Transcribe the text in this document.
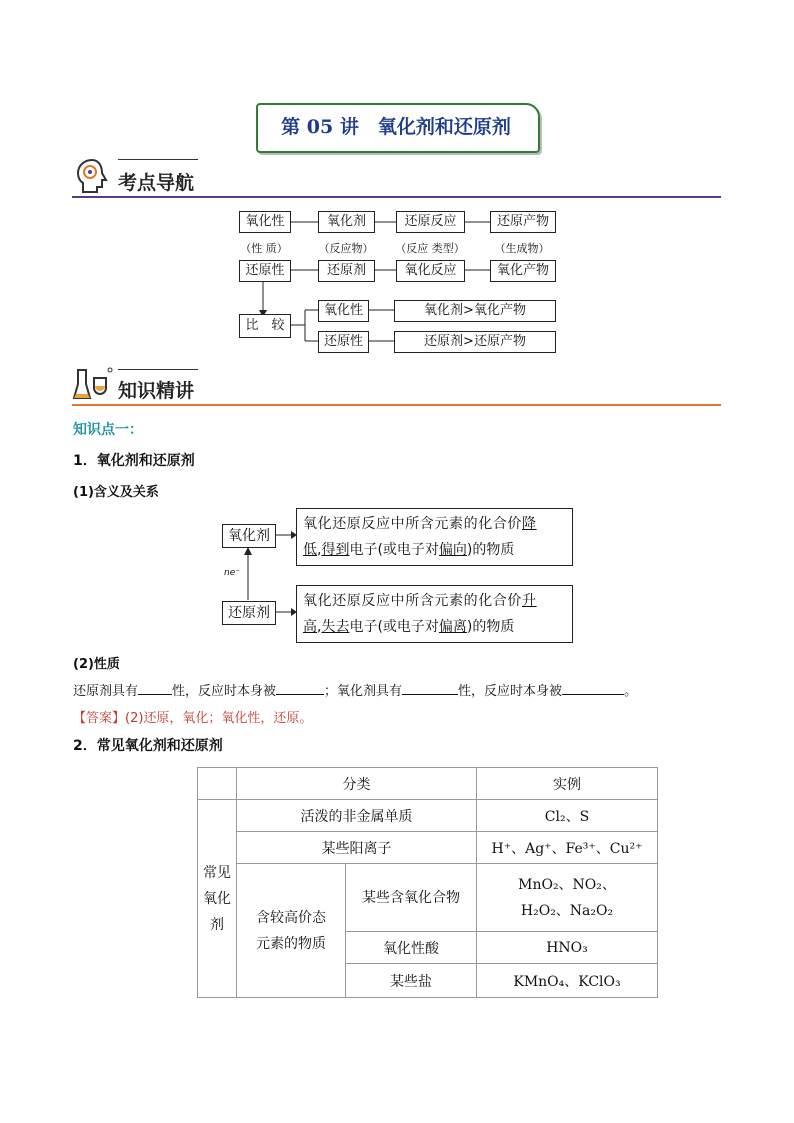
第 05 讲　氧化剂和还原剂
考点导航
氧化性	氧化剂	还原反应	还原产物
（性 质）	（反应物）	（反应 类型）	（生成物）
还原性	还原剂	氧化反应	氧化产物
比　较
氧化性	氧化剂>氧化产物
还原性	还原剂>还原产物
知识精讲
知识点一：
1．氧化剂和还原剂
(1)含义及关系
氧化剂
还原剂
ne⁻
氧化还原反应中所含元素的化合价降
低,得到电子(或电子对偏向)的物质
氧化还原反应中所含元素的化合价升
高,失去电子(或电子对偏离)的物质
(2)性质
还原剂具有	性，反应时本身被	；氧化剂具有	性，反应时本身被	。
【答案】(2)还原，氧化；氧化性，还原。
2．常见氧化剂和还原剂
	分类		实例
常见氧化剂	活泼的非金属单质		Cl₂、S
	某些阳离子		H⁺、Ag⁺、Fe³⁺、Cu²⁺
	含较高价态元素的物质	某些含氧化合物	MnO₂、NO₂、
H₂O₂、Na₂O₂

		氧化性酸	HNO₃
		某些盐	KMnO₄、KClO₃
